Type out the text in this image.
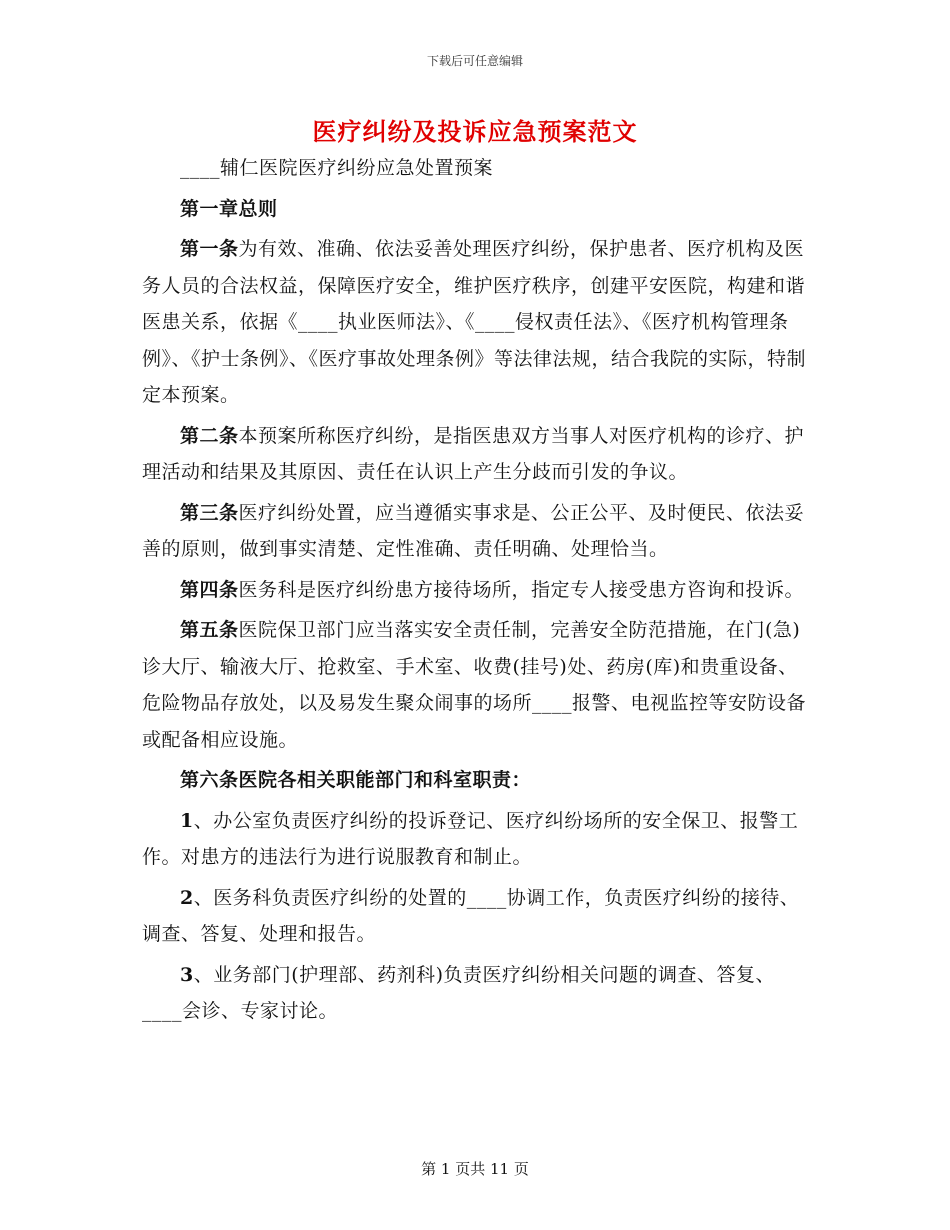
下载后可任意编辑
医疗纠纷及投诉应急预案范文

____辅仁医院医疗纠纷应急处置预案

第一章总则

第一条为有效、准确、依法妥善处理医疗纠纷，保护患者、医疗机构及医务人员的合法权益，保障医疗安全，维护医疗秩序，创建平安医院，构建和谐医患关系，依据《____执业医师法》、《____侵权责任法》、《医疗机构管理条例》、《护士条例》、《医疗事故处理条例》等法律法规，结合我院的实际，特制定本预案。

第二条本预案所称医疗纠纷，是指医患双方当事人对医疗机构的诊疗、护理活动和结果及其原因、责任在认识上产生分歧而引发的争议。

第三条医疗纠纷处置，应当遵循实事求是、公正公平、及时便民、依法妥善的原则，做到事实清楚、定性准确、责任明确、处理恰当。

第四条医务科是医疗纠纷患方接待场所，指定专人接受患方咨询和投诉。

第五条医院保卫部门应当落实安全责任制，完善安全防范措施，在门(急)诊大厅、输液大厅、抢救室、手术室、收费(挂号)处、药房(库)和贵重设备、危险物品存放处，以及易发生聚众闹事的场所____报警、电视监控等安防设备或配备相应设施。

第六条医院各相关职能部门和科室职责：

1、办公室负责医疗纠纷的投诉登记、医疗纠纷场所的安全保卫、报警工作。对患方的违法行为进行说服教育和制止。

2、医务科负责医疗纠纷的处置的____协调工作，负责医疗纠纷的接待、调查、答复、处理和报告。

3、业务部门(护理部、药剂科)负责医疗纠纷相关问题的调查、答复、____会诊、专家讨论。

第 1 页共 11 页
